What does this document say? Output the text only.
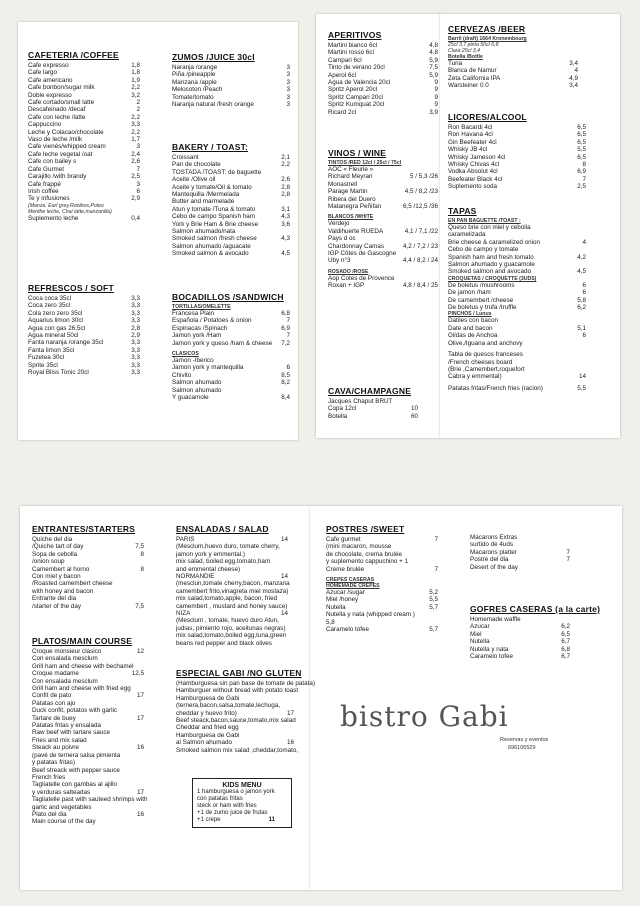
CAFETERIA /COFFEE
Cafe expresso	1,8
Cafe largo	1,8
Cafe americano	1,9
Cafe bonbon/sugar milk	2,2
Doble expresso	3,2
Cafe cortado/small latte	2
Descafeinado /decaf	2
Cafe con leche /latte	2,2
Cappuccino	3,3
Leche y Colacao/chocolate	2,2
Vaso de leche /milk	1,7
Cafe vienés/whipped cream	3
Cafe leche vegetal /oat	2,4
Cafe con bailey s	2,6
Cafe Gurmet	7
Carajillo /with brandy	2,5
Cafe frappé	3
Irish coffee	6
Te y infusiones	2,9
(Manza. Earl grey,Rooibos,Poleo
Menthe leche, Chai latte,manzanilla)
Suplemento leche	0,4
REFRESCOS / SOFT
Coca coca 35cl	3,3
Coca zero 35cl	3,3
Cola zero zero 35cl	3,3
Aquarius limon 30cl	3,3
Agua con gas 26,5cl	2,8
Agua mineral 50cl	2,9
Fanta naranja /orange 35cl	3,3
Fanta limon 35cl	3,3
Fuzetea 30cl	3,3
Sprite 35cl	3,3
Royal Bliss Tonic 20cl	3,3
ZUMOS /JUICE 30cl
Naranja /orange	3
Piña /pineapple	3
Manzana /apple	3
Melocoton /Peach	3
Tomate/tomato	3
Naranja natural /fresh orange	3
BAKERY / TOAST:
Croissant	2,1
Pan de chocolate	2,2
TOSTADA /TOAST: de baguette
Aceite /Olive oil	2,6
Aceite y tomate/Oil & tomato	2,8
Mantequilla /Mermelada	2,8
Butter and marmelade
Atun y tomate /Tuna & tomato	3,1
Cebo de campo Spanish ham	4,3
York y Brie Ham & Brie cheese	3,6
Salmon ahumado/nata
Smoked salmon /fresh cheese	4,3
Salmon ahumado /aguacate
Smoked salmon & avocado	4,5
BOCADILLOS /SANDWICH
TORTILLAS/OMELETTE
Francesa Plain	6,8
Española / Potatoes & onion	7
Espinacas /Spinach	6,9
Jamon york /Ham	7
Jamon york y queso /ham & cheese	7,2
CLASICOS
Jamon -Iberico
Jamon york y mantequilla	6
Chivito	8,5
Salmon ahumado	8,2
Salmon ahumado
Y guacamole	8,4
APERITIVOS
Martini bianco 6cl	4,8
Martini rosso 6cl	4,8
Campari 6cl	5,9
Tinto de verano 20cl	7,5
Aperol 6cl	5,9
Agua de Valencia 20cl	9
Spritz Aperol 20cl	9
Spritz Campari 20cl	9
Spritz Kumquat 20cl	9
Ricard 2cl	3,9
VINOS / WINE
TINTOS /RED 12cl / 25cl / 75cl
AOC « Fleurie »
Richard Meyran	5 / 5,3 /26
Monastrell
Parage Martin	4,5 / 8,2 /23
Ribera del Duero
Matanegra Peñifan	6,5 /12,5 /36
BLANCOS /WHITE
Verdejo
Valdihuerte RUEDA	4,1 / 7,1 /22
Pays d oc
Chardonnay Camas	4,2 / 7,2 / 23
IGP Côtes de Gascogne
Uby n°3	4,4 / 8,2 / 24
ROSADO /ROSE
Aop Cotes de Provence
Roxan + IGP	4,8 / 8,4 / 25
CAVA/CHAMPAGNE
Jacques Chaput BRUT
Copa 12cl	10
Botella	60
CERVEZAS /BEER
Barril (draft) 1664 Kronembourg
25cl 3,7 pinta 50cl 6,8
Clara 25cl 3,4
Botella /Bottle
Turia	3,4
Blanca de Namur	4
Zeta California IPA	4,9
Warsteiner 0.0	3,4
LICORES/ALCOOL
Ron Bacardi 4cl	6,5
Ron Havana 4cl	6,5
Gin Beefeater 4cl	6,5
Whisky JB 4cl	5,5
Whisky Jameson 4cl	6,5
Whisky Chivas 4cl	8
Vodka Absolut 4cl	6,9
Beefeater Black 4cl	7
Suplemento soda	2,5
TAPAS
EN PAN BAGUETTE /TOAST :
Queso brie con miel y cebolla
caramelizada
Brie cheese & caramelized onion	4
Cebo de campo y tomate
Spanish ham and fresh tomato	4,2
Salmon ahumado y guacamole
Smoked salmon and avocado	4,5
CROQUETAS / CROQUETTE (3UDS)
De boletus /mushrooms	6
De jamon /ham	6
De camembert /cheese	5,8
De boletus y trufa /truffle	6,2
PINCHOS / Lunus
Datiles con bacon
Date and bacon	5,1
Gildas de Anchoa	6
Olive,/Iguana and anchovy
Tabla de quesos franceses
/French cheeses board
(Brie ,Camembert,roquefort
Cabra y emmental)	14
Patatas fritas/French fries (racion)	5,5
ENTRANTES/STARTERS
Quiche del dia
/Quiche tart of day	7,5
Sopa de cebolla	8
/onion soup
Camembert al horno	8
Con miel y bacon
/Roasted camembert cheese
with honey and bacon
Entrante del dia
/starter of the day	7,5
PLATOS/MAIN COURSE
Croque monsieur clasico	12
Con ensalada mesclum
Grill ham and cheese with bechamel
Croque madame	12,5
Con ensalada mesclum
Grill ham and cheese with fried egg
Confit de pato	17
Patatas con ajo
Duck confit, potatos with garlic
Tartare de buey	17
Patatas fritas y ensalada
Raw beef with tartare sauce
Fries and mix salad
Steack au poivre	16
(pavé de ternera salsa pimienta
y patatas fritas)
Beef streack with pepper sauce
French fries
Tagliatelle con gambas al ajillo
y verduras salteadas	17
Tagliatelle past with sauteed shrimps with
garlic and vegetables
Plato del dia	16
Main course of the day
ENSALADAS / SALAD
PARIS	14
(Mesclum,huevo duro, tomate cherry,
jamon york y emmental.)
mix salad, boiled egg,tomato,ham
and emmental cheese)
NORMANDIE	14
(mesclun,tomate cherry,bacon, manzana
camembert frito,vinagreta miel mostaza)
mix salad,tomato,apple, bacon, fried
camembert , mustard and honey sauce)
NIZA	14
(Mesclum , tomate, huevo duro Atun,
judias, pimiento rojo, aceitunas negras)
mix salad,tomato,boiled egg,tuna,green
beans red pepper and black olives
ESPECIAL GABI /NO GLUTEN
(Hamburguesa sin pan base de tomate de patata)
Hamburguer without bread with potato toast
Hamburguesa de Gabi
(ternera,bacon,salsa,tomate,lechuga,
cheddar y huevo frito)	17
Beef steack,bacon,sauce,tomato,mix salad
Cheddar and fried egg
Hamburguesa de Gabi
al Salmon ahumado	16
Smoked salmon mix salad ,cheddar,tomato,
POSTRES /SWEET
Cafe gurmet	7
(mini macaron, mousse
de chocolate, crema brulée
y suplemento cappuchino + 1
Creme brulée	7
CREPES CASERAS
HOMEMADE CREPES
Azucar /sugar	5,2
Miel /honey	5,5
Nutella	5,7
Nutella y nata (whipped cream )
5,8
Caramelo tofee	5,7
Macarons Extras
surtido de 4uds
Macarons platter	7
Postre del dia	7
Desert of the day
GOFRES CASERAS (a la carte)
Homemade waffle
Azucar	6,2
Miel	6,5
Nutella	6,7
Nutella y nata	6,8
Caramelo tofee	6,7
KIDS MENU
1 hamburguesa o jamon york
con patatas fritas
steck or ham with fries
+1 de zumo juice de frutas
+1 crepe	11
bistro Gabi
Reservas y eventos
696106529
